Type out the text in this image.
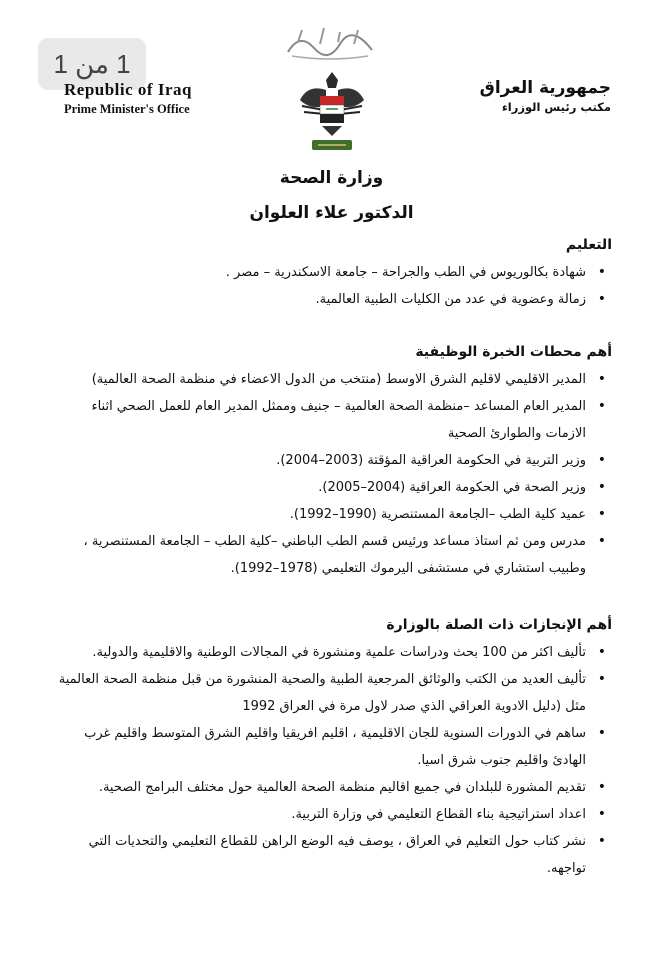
1 من 1
Republic of Iraq
Prime Minister's Office
جمهورية العراق
مكتب رئيس الوزراء
وزارة الصحة
الدكتور علاء العلوان
التعليم
• شهادة بكالوريوس في الطب والجراحة – جامعة الاسكندرية – مصر .
• زمالة وعضوية في عدد من الكليات الطبية العالمية.
أهم محطات الخبرة الوظيفية
• المدير الاقليمي لاقليم الشرق الاوسط (منتخب من الدول الاعضاء في منظمة الصحة العالمية)
• المدير العام المساعد –منظمة الصحة العالمية – جنيف وممثل المدير العام للعمل الصحي اثناء الازمات والطوارئ الصحية
• وزير التربية في الحكومة العراقية المؤقتة (2003–2004).
• وزير الصحة في الحكومة العراقية (2004–2005).
• عميد كلية الطب –الجامعة المستنصرية (1990–1992).
• مدرس ومن ثم استاذ مساعد ورئيس قسم الطب الباطني –كلية الطب – الجامعة المستنصرية ، وطبيب استشاري في مستشفى اليرموك التعليمي (1978–1992).
أهم الإنجازات ذات الصلة بالوزارة
• تأليف اكثر من 100 بحث ودراسات علمية ومنشورة في المجالات الوطنية والاقليمية والدولية.
• تأليف العديد من الكتب والوثائق المرجعية الطبية والصحية المنشورة من قبل منظمة الصحة العالمية مثل (دليل الادوية العراقي الذي صدر لاول مرة في العراق 1992
• ساهم في الدورات السنوية للجان الاقليمية ، اقليم افريقيا واقليم الشرق المتوسط واقليم غرب الهادئ واقليم جنوب شرق اسيا.
• تقديم المشورة للبلدان في جميع اقاليم منظمة الصحة العالمية حول مختلف البرامج الصحية.
• اعداد استراتيجية بناء القطاع التعليمي في وزارة التربية.
• نشر كتاب حول التعليم في العراق ، يوصف فيه الوضع الراهن للقطاع التعليمي والتحديات التي تواجهه.
